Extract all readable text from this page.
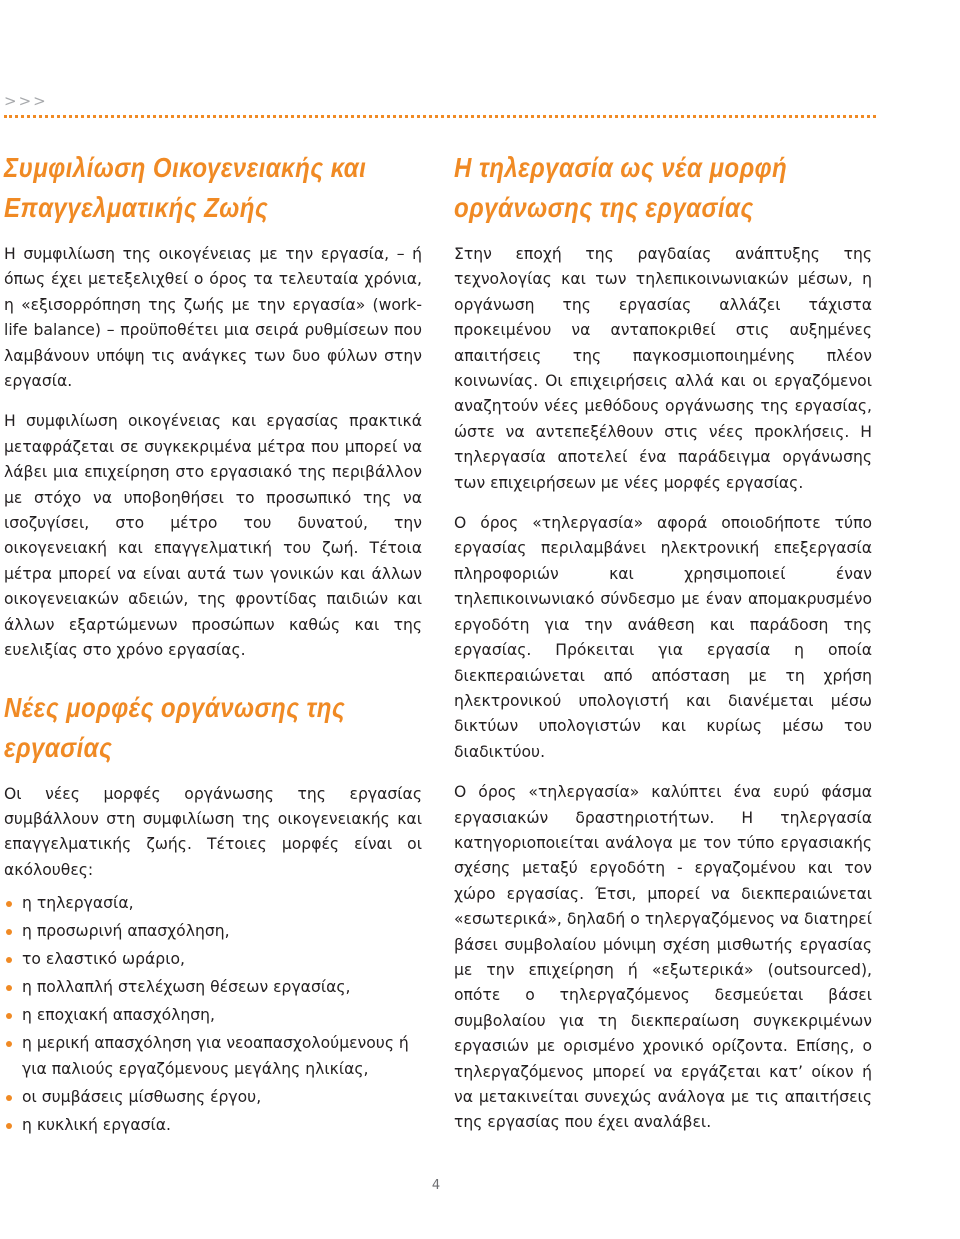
>>>
Συμφιλίωση Οικογενειακής και
Επαγγελματικής Ζωής

Η συμφιλίωση της οικογένειας με την εργασία, – ή όπως έχει μετεξελιχθεί ο όρος τα τελευταία χρόνια, η «εξισορρόπηση της ζωής με την εργασία» (work-life balance) – προϋποθέτει μια σειρά ρυθμίσεων που λαμβάνουν υπόψη τις ανάγκες των δυο φύλων στην εργασία.

Η συμφιλίωση οικογένειας και εργασίας πρακτικά μεταφράζεται σε συγκεκριμένα μέτρα που μπορεί να λάβει μια επιχείρηση στο εργασιακό της περιβάλλον με στόχο να υποβοηθήσει το προσωπικό της να ισοζυγίσει, στο μέτρο του δυνατού, την οικογενειακή και επαγγελματική του ζωή. Τέτοια μέτρα μπορεί να είναι αυτά των γονικών και άλλων οικογενειακών αδειών, της φροντίδας παιδιών και άλλων εξαρτώμενων προσώπων καθώς και της ευελιξίας στο χρόνο εργασίας.

Νέες μορφές οργάνωσης της
εργασίας

Οι νέες μορφές οργάνωσης της εργασίας συμβάλλουν στη συμφιλίωση της οικογενειακής και επαγγελματικής ζωής. Τέτοιες μορφές είναι οι ακόλουθες:

η τηλεργασία,
η προσωρινή απασχόληση,
το ελαστικό ωράριο,
η πολλαπλή στελέχωση θέσεων εργασίας,
η εποχιακή απασχόληση,
η μερική απασχόληση για νεοαπασχολούμενους ή για παλιούς εργαζόμενους μεγάλης ηλικίας,
οι συμβάσεις μίσθωσης έργου,
η κυκλική εργασία.
Η τηλεργασία ως νέα μορφή
οργάνωσης της εργασίας

Στην εποχή της ραγδαίας ανάπτυξης της τεχνολογίας και των τηλεπικοινωνιακών μέσων, η οργάνωση της εργασίας αλλάζει τάχιστα προκειμένου να ανταποκριθεί στις αυξημένες απαιτήσεις της παγκοσμιοποιημένης πλέον κοινωνίας. Οι επιχειρήσεις αλλά και οι εργαζόμενοι αναζητούν νέες μεθόδους οργάνωσης της εργασίας, ώστε να αντεπεξέλθουν στις νέες προκλήσεις. Η τηλεργασία αποτελεί ένα παράδειγμα οργάνωσης των επιχειρήσεων με νέες μορφές εργασίας.

Ο όρος «τηλεργασία» αφορά οποιοδήποτε τύπο εργασίας περιλαμβάνει ηλεκτρονική επεξεργασία πληροφοριών και χρησιμοποιεί έναν τηλεπικοινωνιακό σύνδεσμο με έναν απομακρυσμένο εργοδότη για την ανάθεση και παράδοση της εργασίας. Πρόκειται για εργασία η οποία διεκπεραιώνεται από απόσταση με τη χρήση ηλεκτρονικού υπολογιστή και διανέμεται μέσω δικτύων υπολογιστών και κυρίως μέσω του διαδικτύου.

Ο όρος «τηλεργασία» καλύπτει ένα ευρύ φάσμα εργασιακών δραστηριοτήτων. Η τηλεργασία κατηγοριοποιείται ανάλογα με τον τύπο εργασιακής σχέσης μεταξύ εργοδότη - εργαζομένου και τον χώρο εργασίας. Έτσι, μπορεί να διεκπεραιώνεται «εσωτερικά», δηλαδή ο τηλεργαζόμενος να διατηρεί βάσει συμβολαίου μόνιμη σχέση μισθωτής εργασίας με την επιχείρηση ή «εξωτερικά» (outsourced), οπότε ο τηλεργαζόμενος δεσμεύεται βάσει συμβολαίου για τη διεκπεραίωση συγκεκριμένων εργασιών με ορισμένο χρονικό ορίζοντα. Επίσης, ο τηλεργαζόμενος μπορεί να εργάζεται κατ’ οίκον ή να μετακινείται συνεχώς ανάλογα με τις απαιτήσεις της εργασίας που έχει αναλάβει.

4
